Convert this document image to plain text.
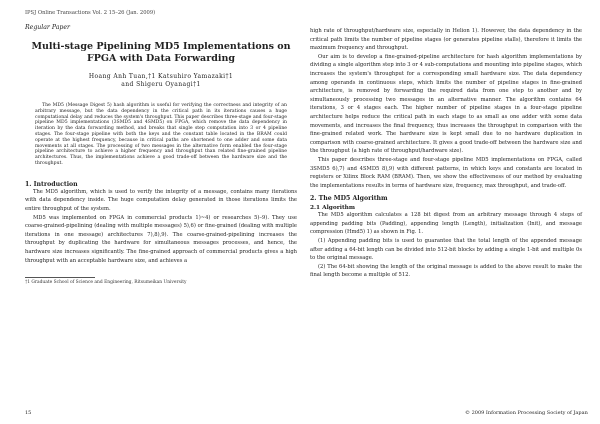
IPSJ Online Transactions Vol. 2 15–26 (Jan. 2009)
Regular Paper
Multi-stage Pipelining MD5 Implementations on FPGA with Data Forwarding
Hoang Anh Tuan,†1 Katsuhiro Yamazaki†1
and Shigeru Oyanagi†1

The MD5 (Message Digest 5) hash algorithm is useful for verifying the correctness and integrity of an arbitrary message, but the data dependency in the critical path in its iterations causes a huge computational delay and reduces the system's throughput. This paper describes three-stage and four-stage pipeline MD5 implementations (3SMD5 and 4SMD5) on FPGA, which remove the data dependency in iteration by the data forwarding method, and breaks that single step computation into 3 or 4 pipeline stages. The four-stage pipeline with both the keys and the constant table located in the BRAM could operate at the highest frequency, because in critical paths are shortened to one adder and some data movements at all stages. The processing of two messages in the alternative form enabled the four-stage pipeline architecture to achieve a higher frequency and throughput than related fine-grained pipeline architectures. Thus, the implementations achieve a good trade-off between the hardware size and the throughput.

1. Introduction

The MD5 algorithm, which is used to verify the integrity of a message, contains many iterations with data dependency inside. The huge computation delay generated in those iterations limits the entire throughput of the system.

MD5 was implemented on FPGA in commercial products 1)~4) or researches 5)–9). They use coarse-grained-pipelining (dealing with multiple messages) 5),6) or fine-grained (dealing with multiple iterations in one message) architectures 7),8),9). The coarse-grained-pipelining increases the throughput by duplicating the hardware for simultaneous messages processes, and hence, the hardware size increases significantly. The fine-grained approach of commercial products gives a high throughput with an acceptable hardware size, and achieves a

†1 Graduate School of Science and Engineering, Ritsumeikan University

high rate of throughput/hardware size, especially in Helion 1). However, the data dependency in the critical path limits the number of pipeline stages (or generates pipeline stalls), therefore it limits the maximum frequency and throughput.

Our aim is to develop a fine-grained-pipeline architecture for hash algorithm implementations by dividing a single algorithm step into 3 or 4 sub-computations and mounting into pipeline stages, which increases the system's throughput for a corresponding small hardware size. The data dependency among operands in continuous steps, which limits the number of pipeline stages in fine-grained architecture, is removed by forwarding the required data from one step to another and by simultaneously processing two messages in an alternative manner. The algorithm contains 64 iterations, 3 or 4 stages each. The higher number of pipeline stages in a four-stage pipeline architecture helps reduce the critical path in each stage to as small as one adder with some data movements, and increases the final frequency, thus increases the throughput in comparison with the fine-grained related work. The hardware size is kept small due to no hardware duplication in comparison with coarse-grained architecture. It gives a good trade-off between the hardware size and the throughput (a high rate of throughput/hardware size).

This paper describes three-stage and four-stage pipeline MD5 implementations on FPGA, called 3SMD5 6),7) and 4SMD5 8),9) with different patterns, in which keys and constants are located in registers or Xilinx Block RAM (BRAM). Then, we show the effectiveness of our method by evaluating the implementations results in terms of hardware size, frequency, max throughput, and trade-off.

2. The MD5 Algorithm
2.1 Algorithm

The MD5 algorithm calculates a 128 bit digest from an arbitrary message through 4 steps of appending padding bits (Padding), appending length (Length), initialization (Init), and message compression (Hmd5) 1) as shown in Fig. 1.

(1) Appending padding bits is used to guarantee that the total length of the appended message after adding a 64-bit length can be divided into 512-bit blocks by adding a single 1-bit and multiple 0s to the original message.

(2) The 64-bit showing the length of the original message is added to the above result to make the final length become a multiple of 512.

15	© 2009 Information Processing Society of Japan
